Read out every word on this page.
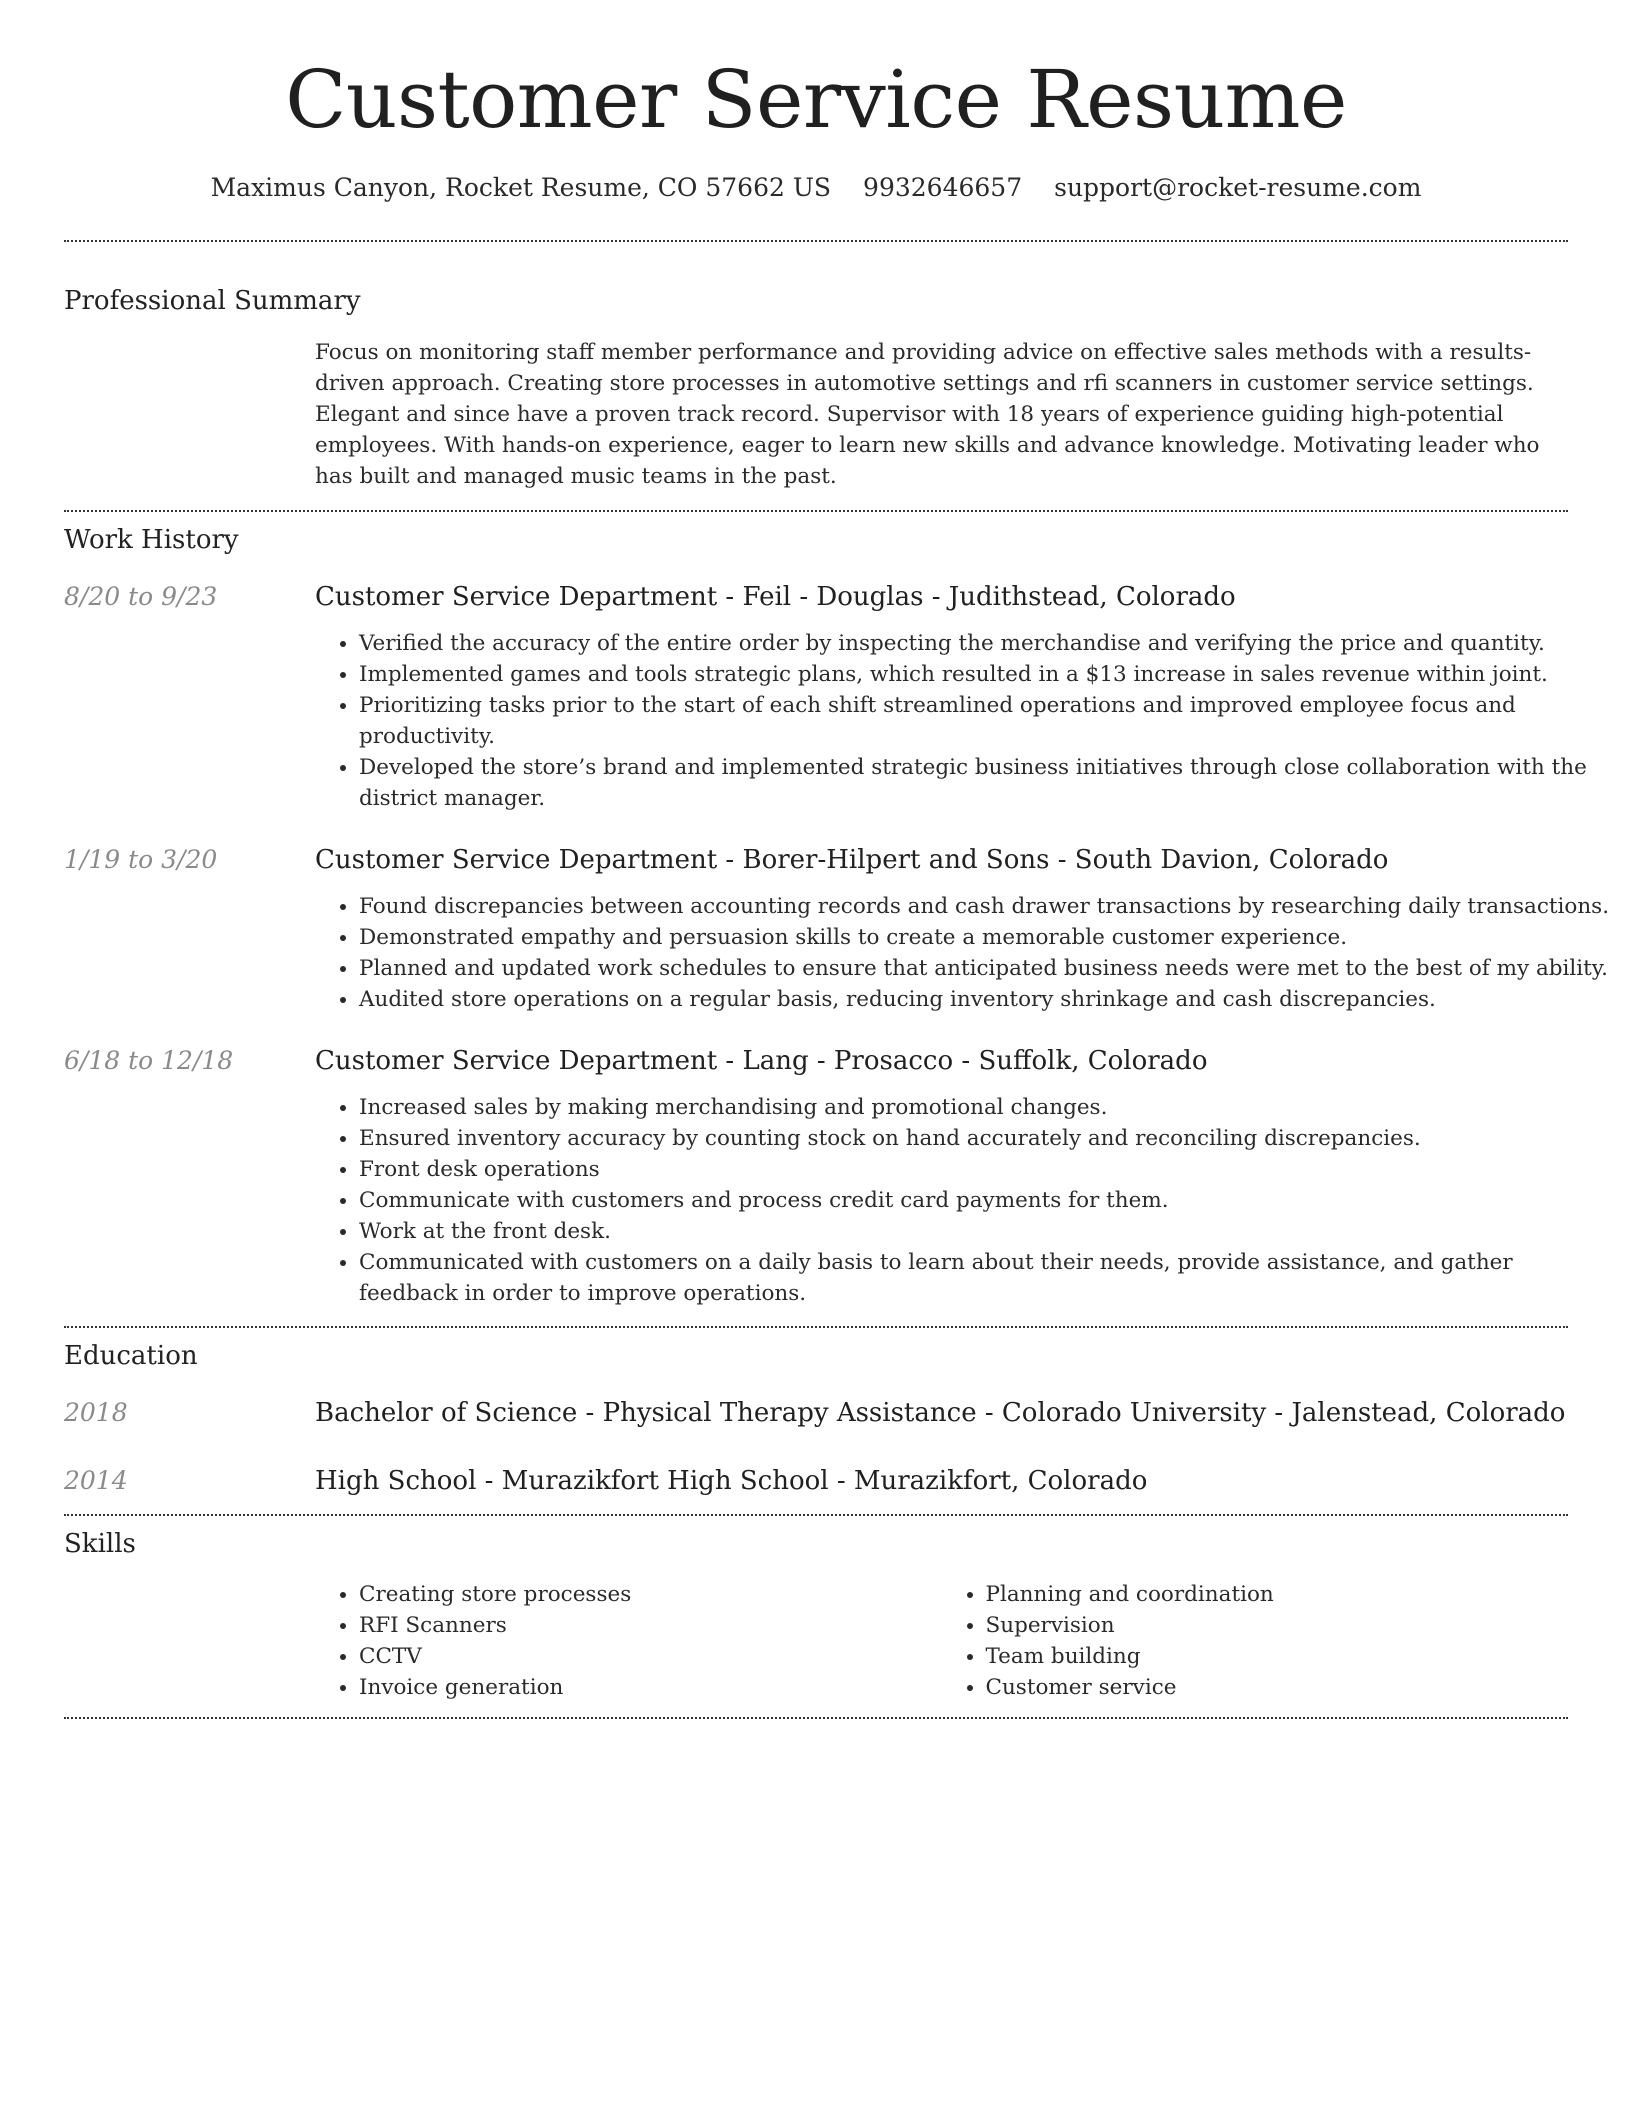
Customer Service Resume
Maximus Canyon, Rocket Resume, CO 57662 US 9932646657 support@rocket-resume.com
Professional Summary

Focus on monitoring staff member performance and providing advice on effective sales methods with a results-driven approach. Creating store processes in automotive settings and rfi scanners in customer service settings. Elegant and since have a proven track record. Supervisor with 18 years of experience guiding high-potential employees. With hands-on experience, eager to learn new skills and advance knowledge. Motivating leader who has built and managed music teams in the past.

Work History
8/20 to 9/23	Customer Service Department - Feil - Douglas - Judithstead, Colorado
• Verified the accuracy of the entire order by inspecting the merchandise and verifying the price and quantity.
• Implemented games and tools strategic plans, which resulted in a $13 increase in sales revenue within joint.
• Prioritizing tasks prior to the start of each shift streamlined operations and improved employee focus and productivity.
• Developed the store’s brand and implemented strategic business initiatives through close collaboration with the district manager.
1/19 to 3/20	Customer Service Department - Borer-Hilpert and Sons - South Davion, Colorado
• Found discrepancies between accounting records and cash drawer transactions by researching daily transactions.
• Demonstrated empathy and persuasion skills to create a memorable customer experience.
• Planned and updated work schedules to ensure that anticipated business needs were met to the best of my ability.
• Audited store operations on a regular basis, reducing inventory shrinkage and cash discrepancies.
6/18 to 12/18	Customer Service Department - Lang - Prosacco - Suffolk, Colorado
• Increased sales by making merchandising and promotional changes.
• Ensured inventory accuracy by counting stock on hand accurately and reconciling discrepancies.
• Front desk operations
• Communicate with customers and process credit card payments for them.
• Work at the front desk.
• Communicated with customers on a daily basis to learn about their needs, provide assistance, and gather feedback in order to improve operations.
Education
2018	Bachelor of Science - Physical Therapy Assistance - Colorado University - Jalenstead, Colorado
2014	High School - Murazikfort High School - Murazikfort, Colorado
Skills
• Creating store processes
• RFI Scanners
• CCTV
• Invoice generation
• Planning and coordination
• Supervision
• Team building
• Customer service
